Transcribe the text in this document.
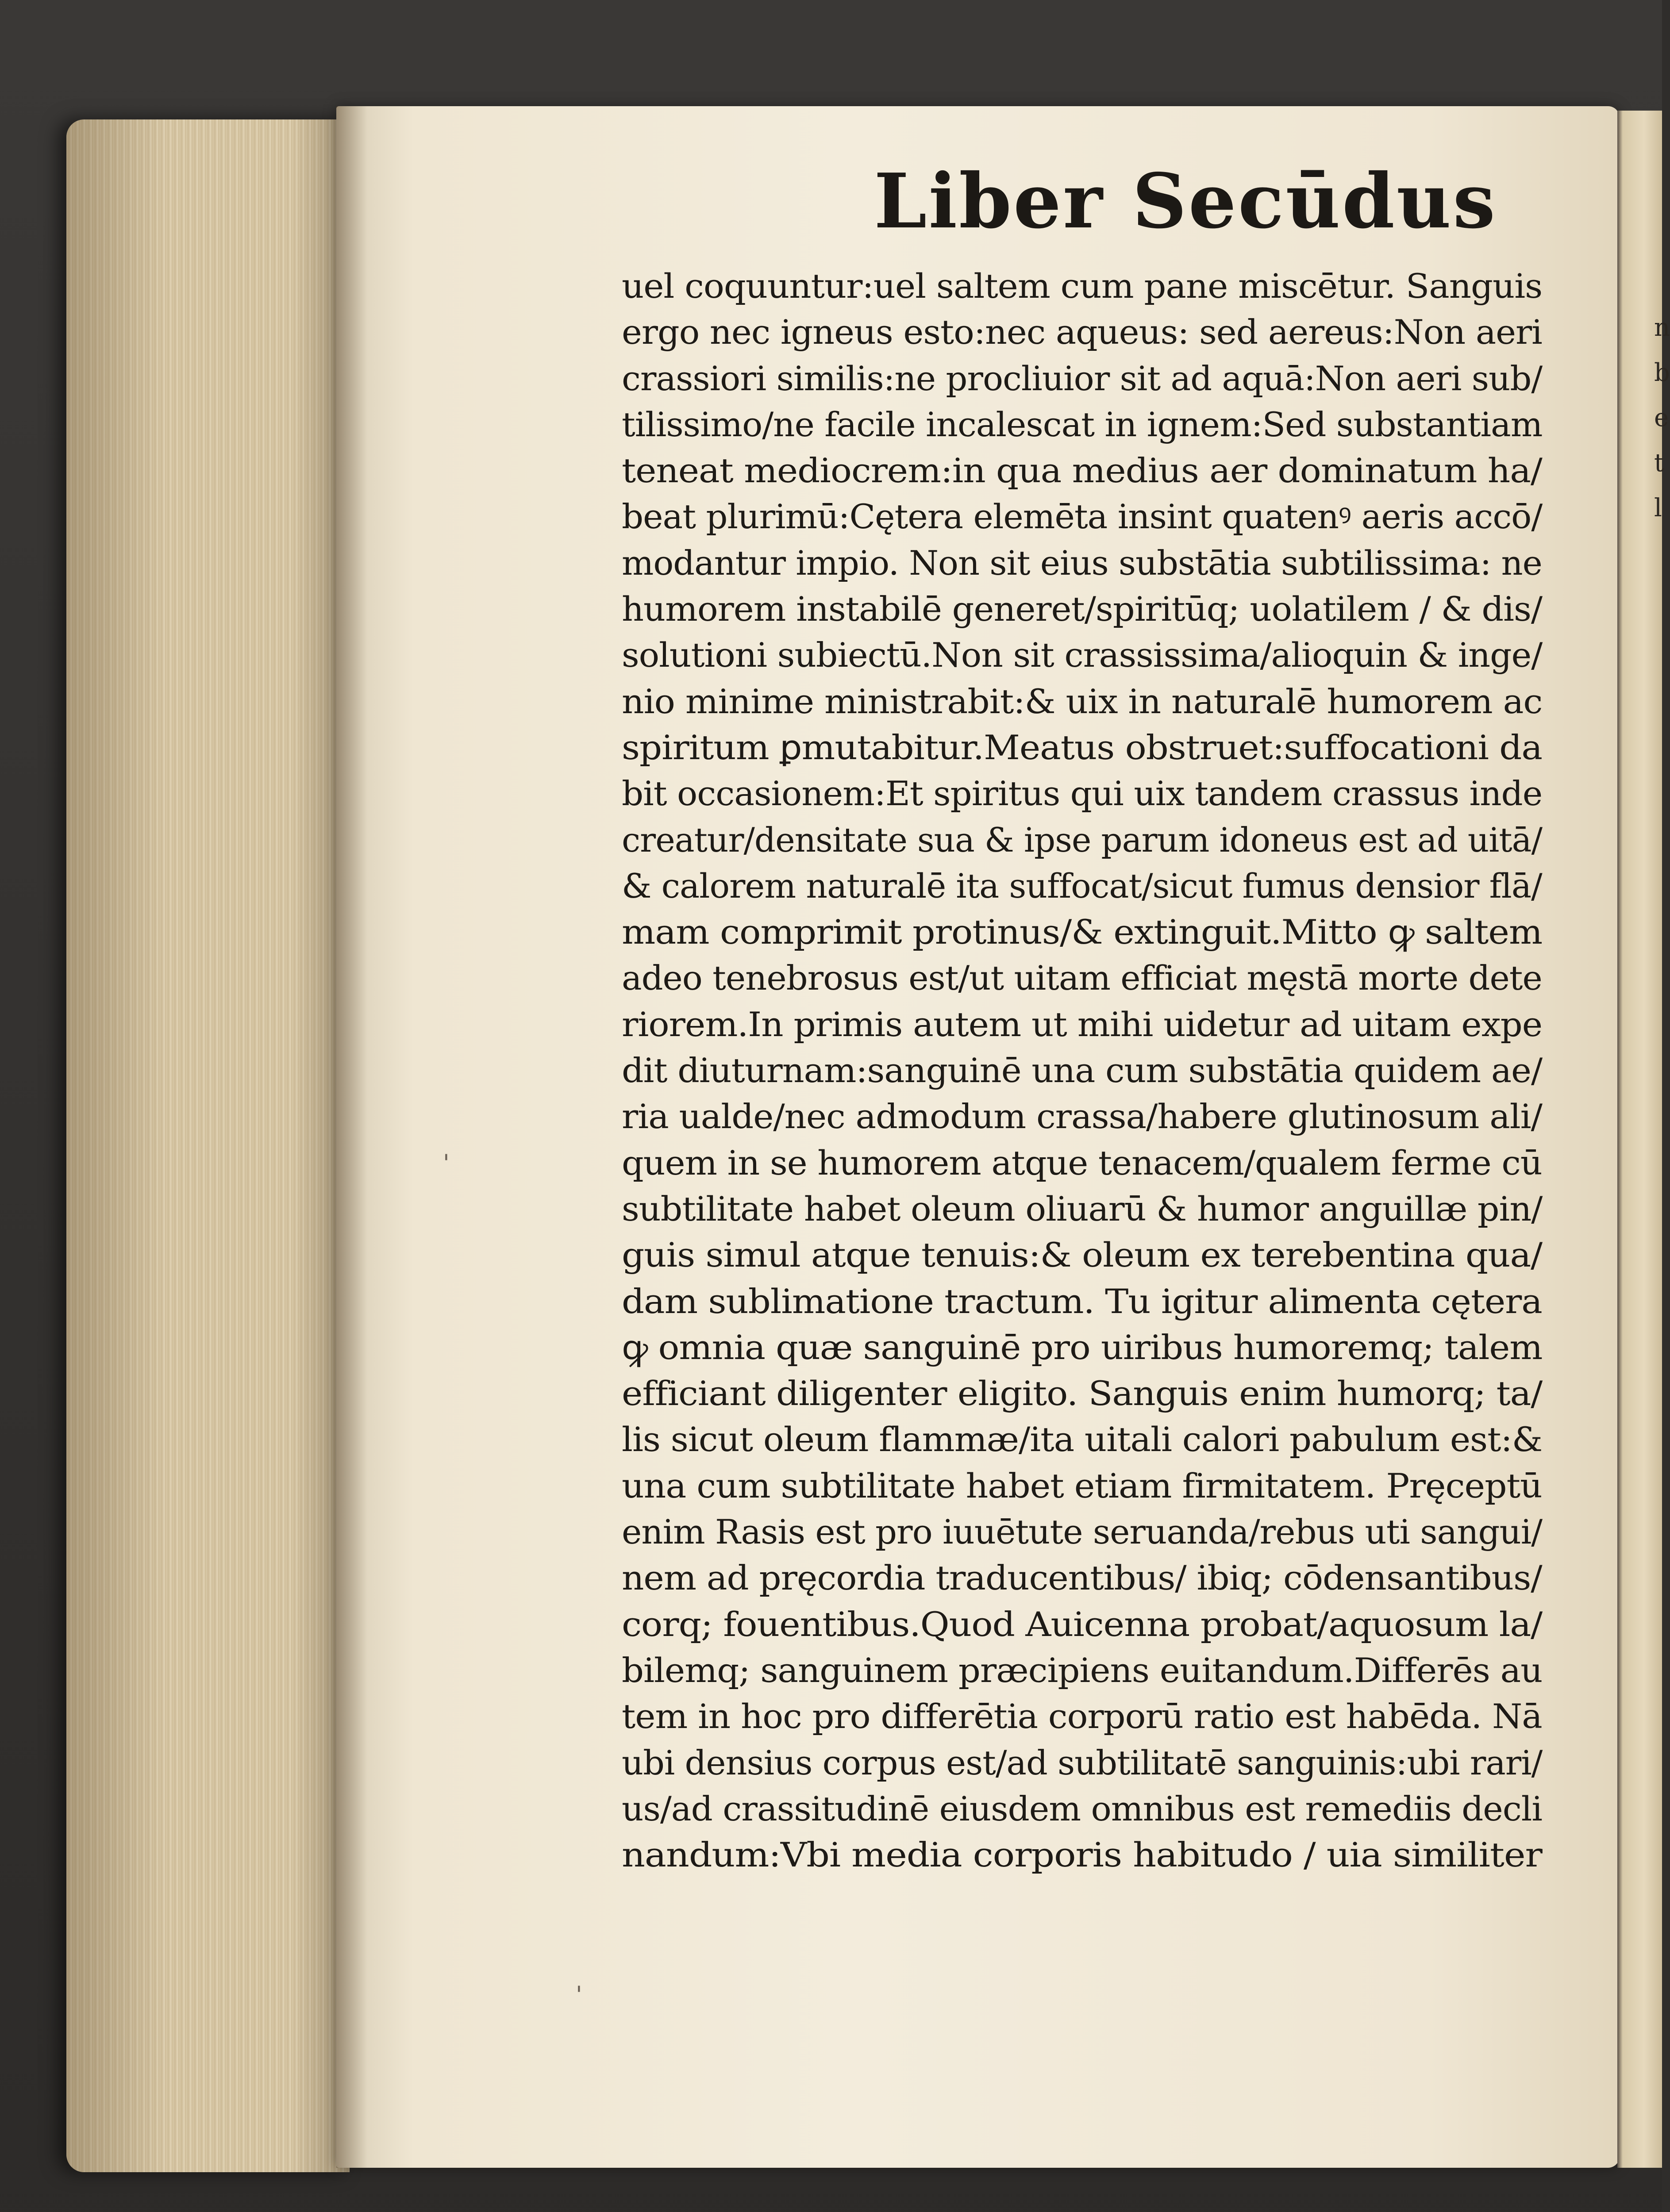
n
b
e
t
l
Liber Secūdus
uel coquuntur:uel saltem cum pane miscētur. Sanguis
ergo nec igneus esto:nec aqueus: sed aereus:Non aeri
crassiori similis:ne procliuior sit ad aquā:Non aeri sub/
tilissimo/ne facile incalescat in ignem:Sed substantiam
teneat mediocrem:in qua medius aer dominatum ha/
beat plurimū:Cętera elemēta insint quatenꝰ aeris accō/
modantur impio. Non sit eius substātia subtilissima: ne
humorem instabilē generet/spiritūq; uolatilem / & dis/
solutioni subiectū.Non sit crassissima/alioquin & inge/
nio minime ministrabit:& uix in naturalē humorem ac
spiritum ꝑmutabitur.Meatus obstruet:suffocationi da
bit occasionem:Et spiritus qui uix tandem crassus inde
creatur/densitate sua & ipse parum idoneus est ad uitā/
& calorem naturalē ita suffocat/sicut fumus densior flā/
mam comprimit protinus/& extinguit.Mitto ꝙ saltem
adeo tenebrosus est/ut uitam efficiat męstā morte dete
riorem.In primis autem ut mihi uidetur ad uitam expe
dit diuturnam:sanguinē una cum substātia quidem ae/
ria ualde/nec admodum crassa/habere glutinosum ali/
quem in se humorem atque tenacem/qualem ferme cū
subtilitate habet oleum oliuarū & humor anguillæ pin/
guis simul atque tenuis:& oleum ex terebentina qua/
dam sublimatione tractum. Tu igitur alimenta cętera
ꝙ omnia quæ sanguinē pro uiribus humoremq; talem
efficiant diligenter eligito. Sanguis enim humorq; ta/
lis sicut oleum flammæ/ita uitali calori pabulum est:&
una cum subtilitate habet etiam firmitatem. Pręceptū
enim Rasis est pro iuuētute seruanda/rebus uti sangui/
nem ad pręcordia traducentibus/ ibiq; cōdensantibus/
corq; fouentibus.Quod Auicenna probat/aquosum la/
bilemq; sanguinem præcipiens euitandum.Differēs au
tem in hoc pro differētia corporū ratio est habēda. Nā
ubi densius corpus est/ad subtilitatē sanguinis:ubi rari/
us/ad crassitudinē eiusdem omnibus est remediis decli
nandum:Vbi media corporis habitudo / uia similiter
ˌ
ˌ
